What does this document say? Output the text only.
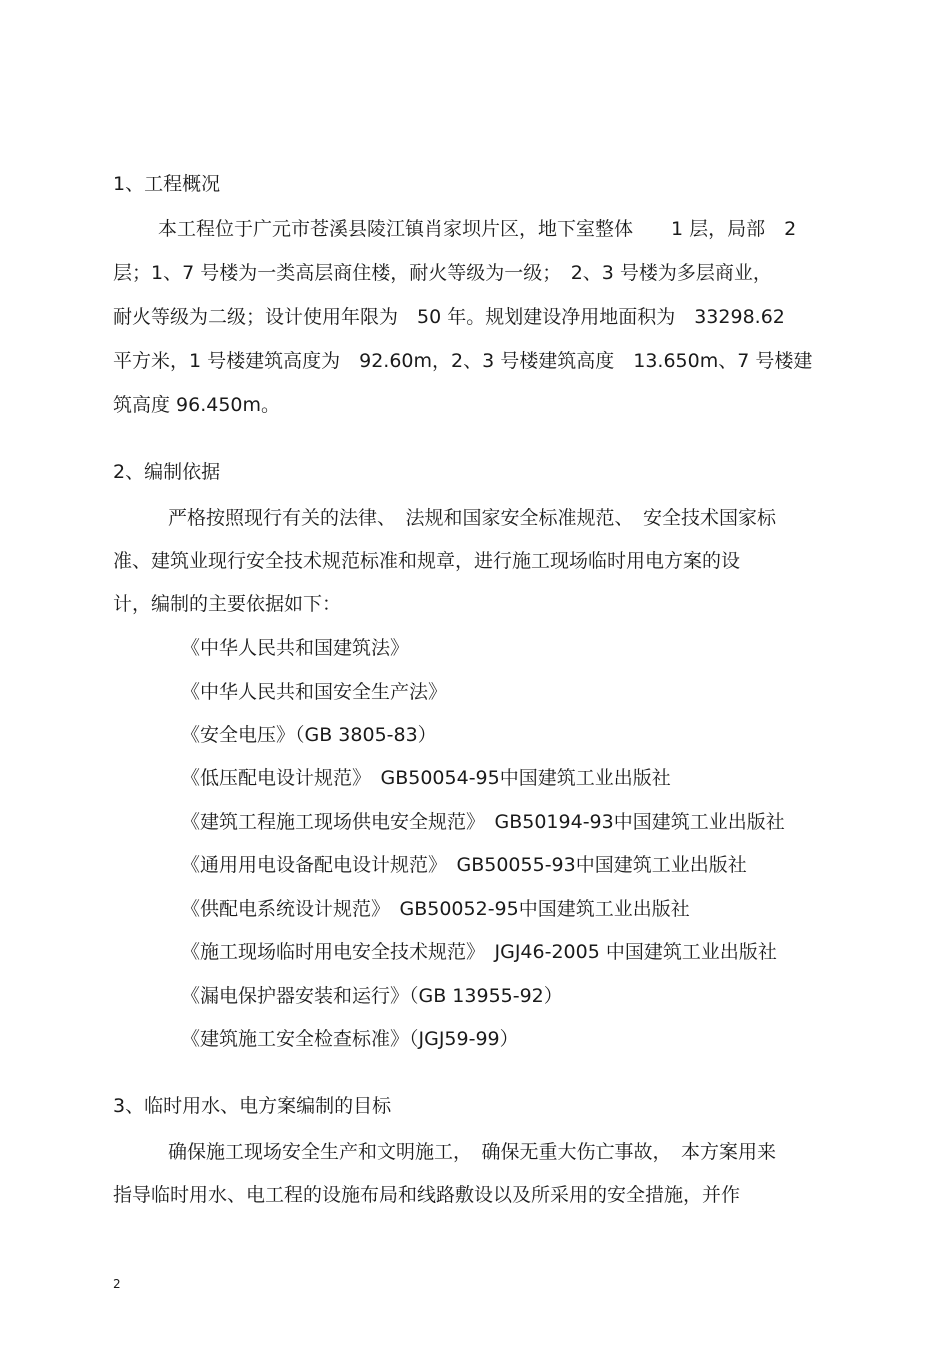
1、工程概况
本工程位于广元市苍溪县陵江镇肖家坝片区，地下室整体　　1 层，局部　2
层；1、7 号楼为一类高层商住楼，耐火等级为一级；　2、3 号楼为多层商业，
耐火等级为二级；设计使用年限为　50 年。规划建设净用地面积为　33298.62
平方米，1 号楼建筑高度为　92.60m，2、3 号楼建筑高度　13.650m、7 号楼建
筑高度 96.450m。
2、编制依据
严格按照现行有关的法律、　法规和国家安全标准规范、　安全技术国家标
准、建筑业现行安全技术规范标准和规章，进行施工现场临时用电方案的设
计，编制的主要依据如下：
《中华人民共和国建筑法》
《中华人民共和国安全生产法》
《安全电压》（GB 3805-83）
《低压配电设计规范》　GB50054-95中国建筑工业出版社
《建筑工程施工现场供电安全规范》　GB50194-93中国建筑工业出版社
《通用用电设备配电设计规范》　GB50055-93中国建筑工业出版社
《供配电系统设计规范》　GB50052-95中国建筑工业出版社
《施工现场临时用电安全技术规范》　JGJ46-2005 中国建筑工业出版社
《漏电保护器安装和运行》（GB 13955-92）
《建筑施工安全检查标准》（JGJ59-99）
3、临时用水、电方案编制的目标
确保施工现场安全生产和文明施工，　确保无重大伤亡事故，　本方案用来
指导临时用水、电工程的设施布局和线路敷设以及所采用的安全措施，并作
2
